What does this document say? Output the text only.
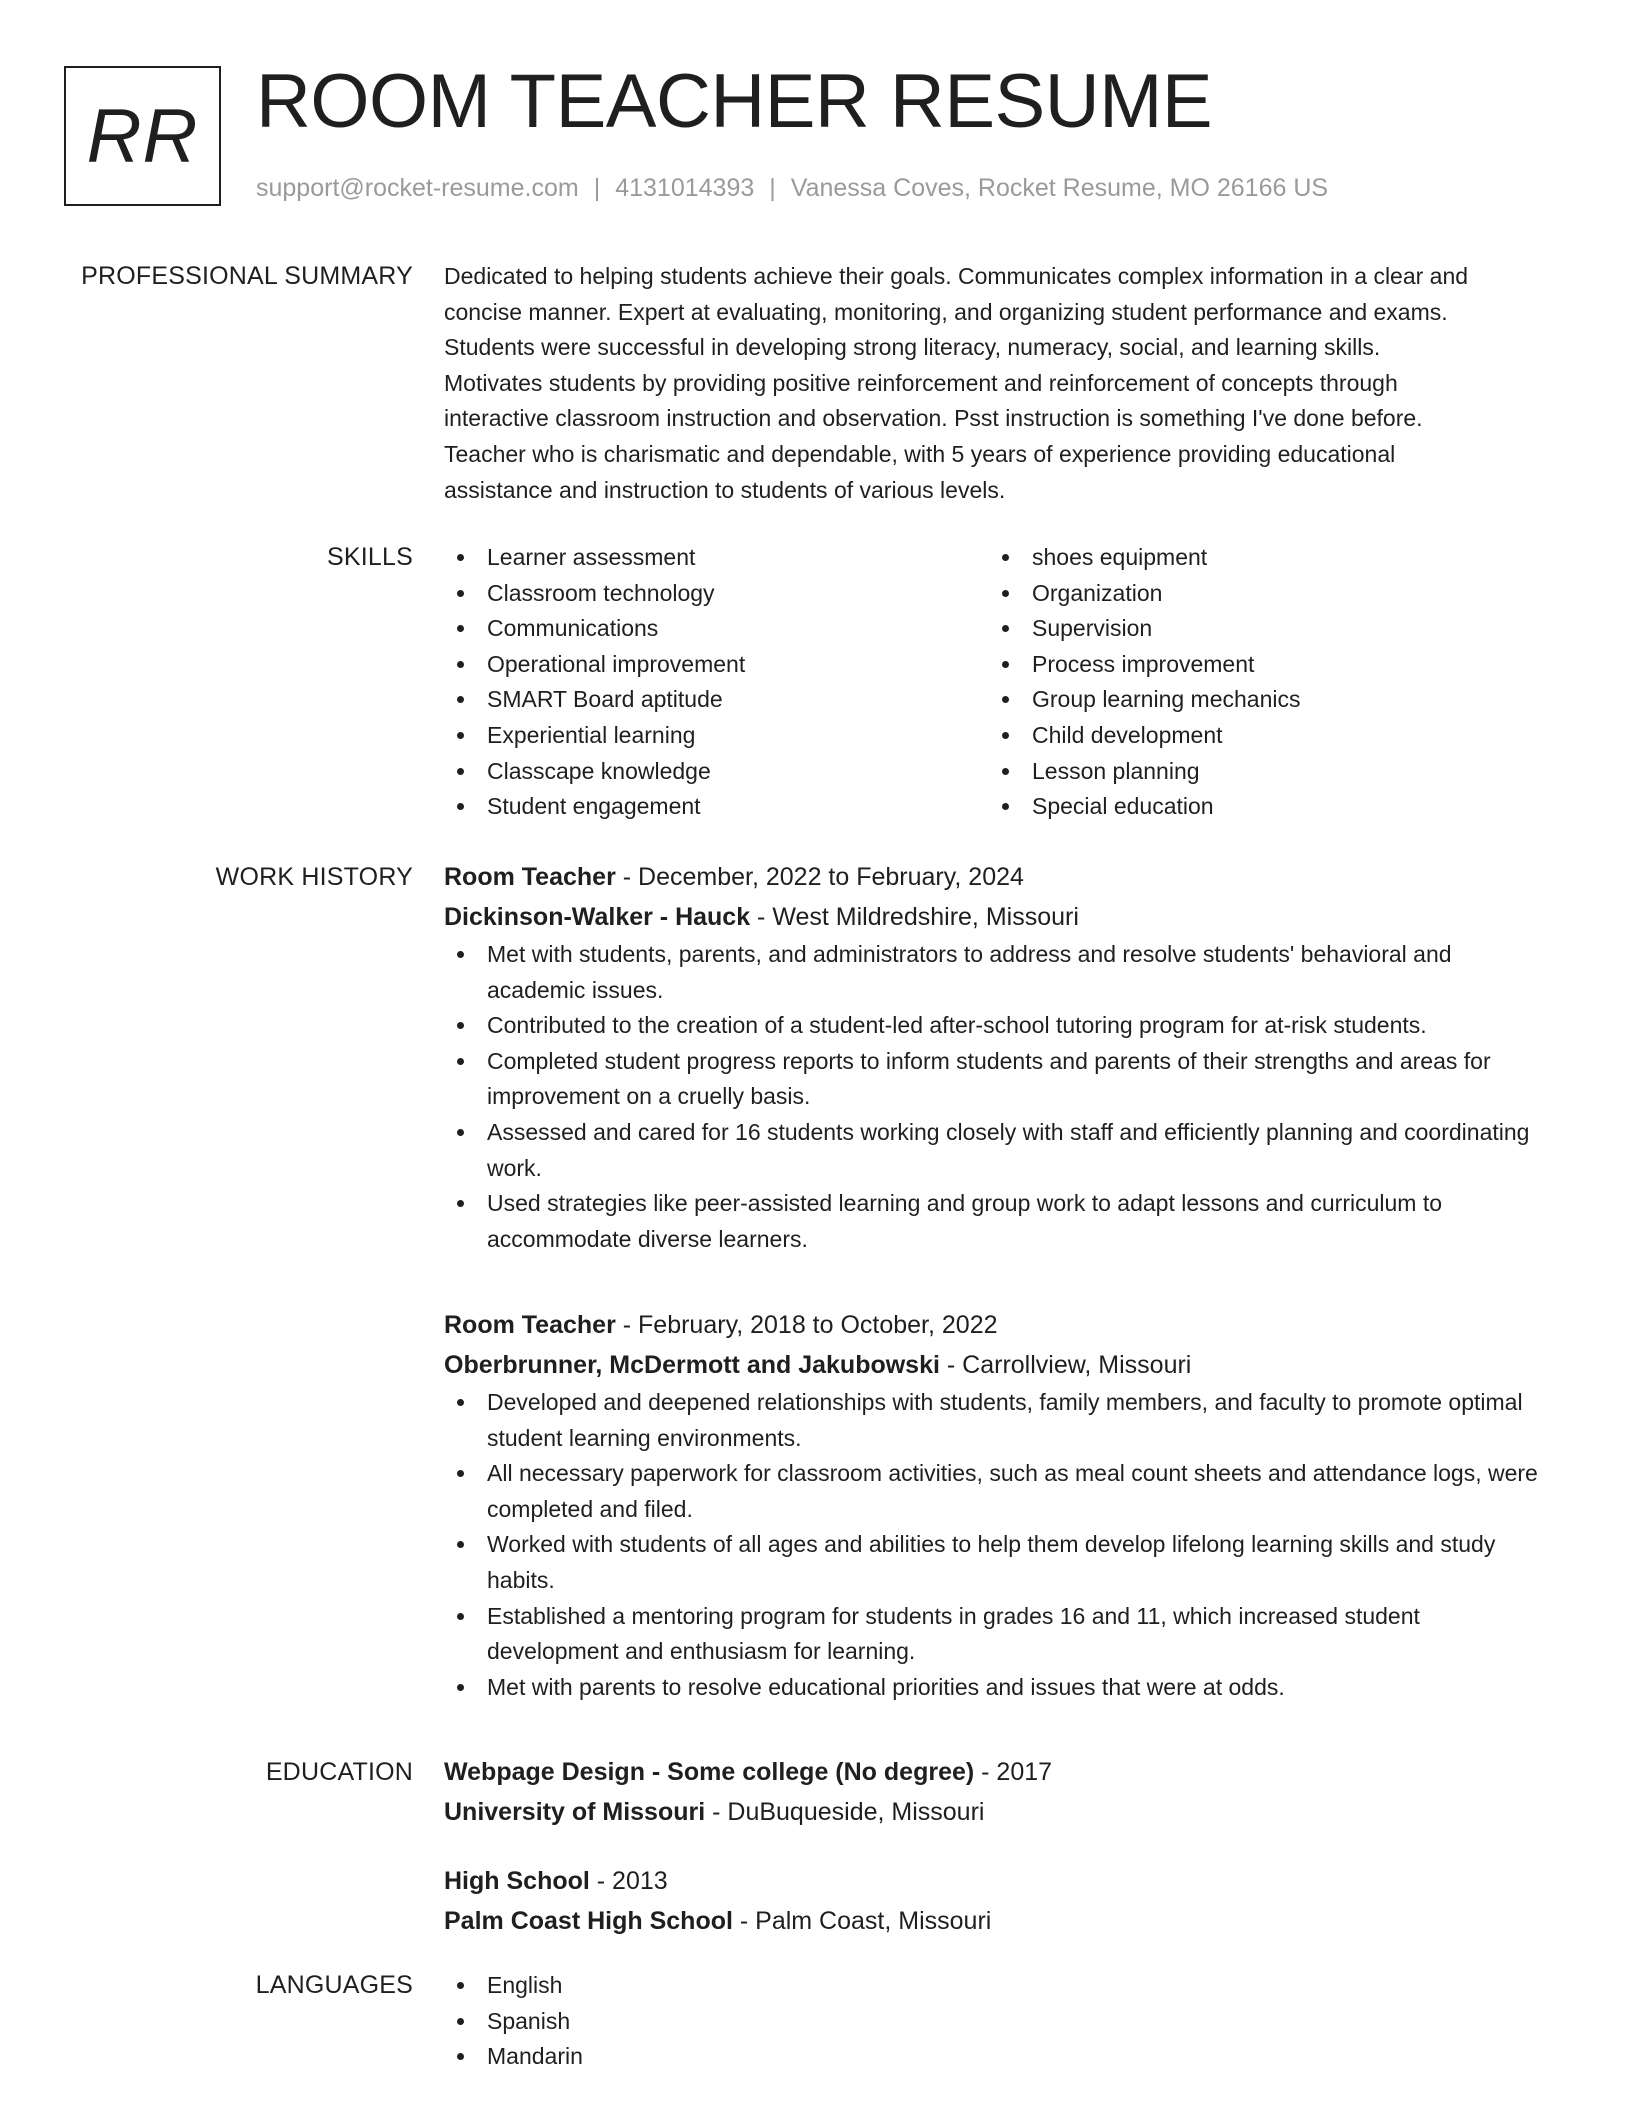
RR ROOM TEACHER RESUME
support@rocket-resume.com | 4131014393 | Vanessa Coves, Rocket Resume, MO 26166 US
PROFESSIONAL SUMMARY Dedicated to helping students achieve their goals. Communicates complex information in a clear and
concise manner. Expert at evaluating, monitoring, and organizing student performance and exams.
Students were successful in developing strong literacy, numeracy, social, and learning skills.
Motivates students by providing positive reinforcement and reinforcement of concepts through
interactive classroom instruction and observation. Psst instruction is something I've done before.
Teacher who is charismatic and dependable, with 5 years of experience providing educational
assistance and instruction to students of various levels.
SKILLS	Learner assessment
Classroom technology
Communications
Operational improvement
SMART Board aptitude
Experiential learning
Classcape knowledge
Student engagement
shoes equipment
Organization
Supervision
Process improvement
Group learning mechanics
Child development
Lesson planning
Special education
WORK HISTORY Room Teacher - December, 2022 to February, 2024
Dickinson-Walker - Hauck - West Mildredshire, Missouri
Met with students, parents, and administrators to address and resolve students' behavioral and academic issues.
Contributed to the creation of a student-led after-school tutoring program for at-risk students.
Completed student progress reports to inform students and parents of their strengths and areas for improvement on a cruelly basis.
Assessed and cared for 16 students working closely with staff and efficiently planning and coordinating work.
Used strategies like peer-assisted learning and group work to adapt lessons and curriculum to accommodate diverse learners.
Room Teacher - February, 2018 to October, 2022
Oberbrunner, McDermott and Jakubowski - Carrollview, Missouri
Developed and deepened relationships with students, family members, and faculty to promote optimal student learning environments.
All necessary paperwork for classroom activities, such as meal count sheets and attendance logs, were completed and filed.
Worked with students of all ages and abilities to help them develop lifelong learning skills and study habits.
Established a mentoring program for students in grades 16 and 11, which increased student development and enthusiasm for learning.
Met with parents to resolve educational priorities and issues that were at odds.
EDUCATION Webpage Design - Some college (No degree) - 2017
University of Missouri - DuBuqueside, Missouri
High School - 2013
Palm Coast High School - Palm Coast, Missouri
LANGUAGES	English
Spanish
Mandarin
